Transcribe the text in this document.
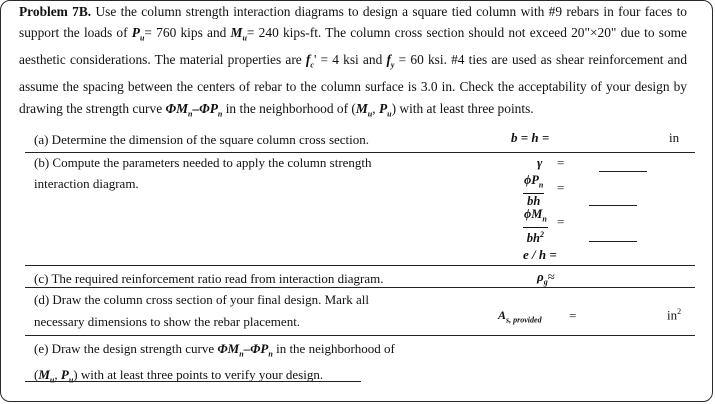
Problem 7B. Use the column strength interaction diagrams to design a square tied column with #9 rebars in four faces to support the loads of $P_u= 760$ kips and $M_u= 240$ kips-ft. The column cross section should not exceed 20"×20" due to some aesthetic considerations. The material properties are $f_c' = 4$ ksi and $f_y = 60$ ksi. #4 ties are used as shear reinforcement and assume the spacing between the centers of rebar to the column surface is 3.0 in. Check the acceptability of your design by drawing the strength curve $\Phi M_n-\Phi P_n$ in the neighborhood of ($M_u$, $P_u$) with at least three points.

(a) Determine the dimension of the square column cross section.	b = h =	in
(b) Compute the parameters needed to apply the column strength
interaction diagram.
γ =
$\phi P_n$
bh
=
$\phi M_n$
$bh^2$
=
e / h =
(c) The required reinforcement ratio read from interaction diagram.	$\rho_g\approx$
(d) Draw the column cross section of your final design. Mark all
necessary dimensions to show the rebar placement.	$A_{s, provided}$ =	$in^2$
(e) Draw the design strength curve $\Phi M_n-\Phi P_n$ in the neighborhood of
($M_u$, $P_u$) with at least three points to verify your design.
